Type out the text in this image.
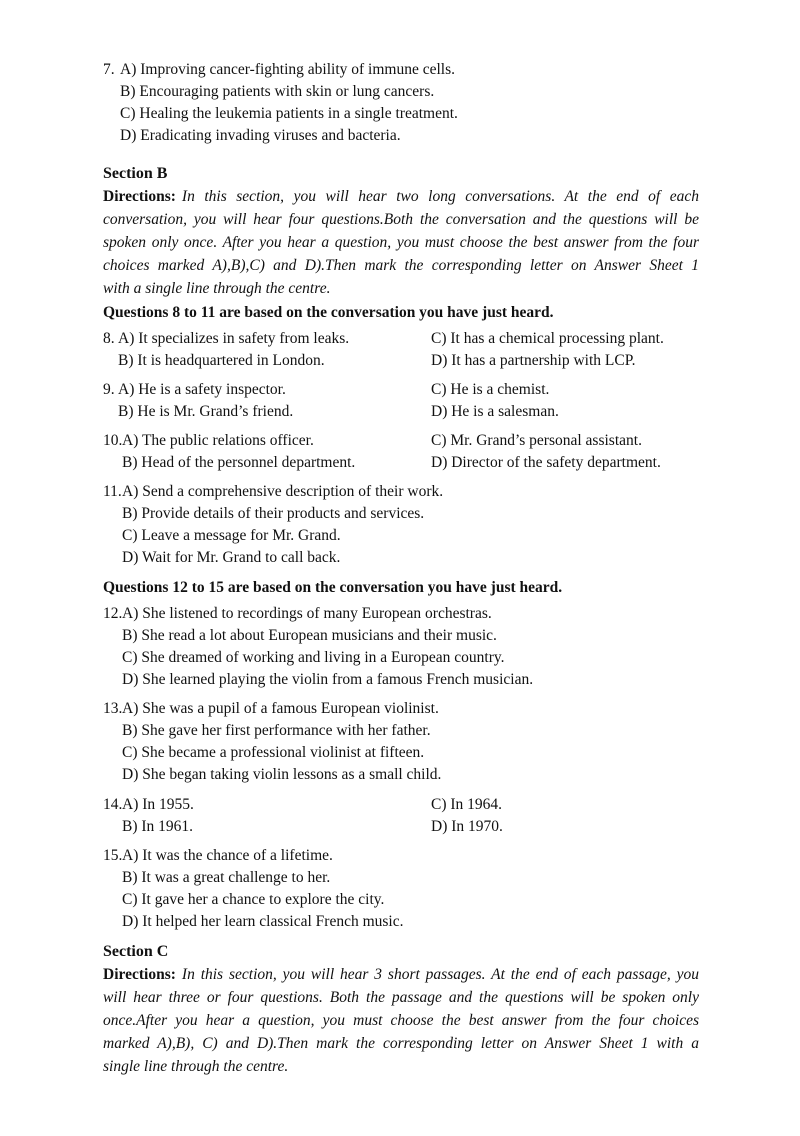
7. A) Improving cancer-fighting ability of immune cells.
B) Encouraging patients with skin or lung cancers.
C) Healing the leukemia patients in a single treatment.
D) Eradicating invading viruses and bacteria.
Section B
Directions: In this section, you will hear two long conversations. At the end of each
conversation, you will hear four questions.Both the conversation and the questions will be
spoken only once. After you hear a question, you must choose the best answer from the four
choices marked A),B),C) and D).Then mark the corresponding letter on Answer Sheet 1
with a single line through the centre.
Questions 8 to 11 are based on the conversation you have just heard.
8. A) It specializes in safety from leaks.
B) It is headquartered in London.
C) It has a chemical processing plant.
D) It has a partnership with LCP.
9. A) He is a safety inspector.
B) He is Mr. Grand’s friend.
C) He is a chemist.
D) He is a salesman.
10. A) The public relations officer.
B) Head of the personnel department.
C) Mr. Grand’s personal assistant.
D) Director of the safety department.
11. A) Send a comprehensive description of their work.
B) Provide details of their products and services.
C) Leave a message for Mr. Grand.
D) Wait for Mr. Grand to call back.
Questions 12 to 15 are based on the conversation you have just heard.
12. A) She listened to recordings of many European orchestras.
B) She read a lot about European musicians and their music.
C) She dreamed of working and living in a European country.
D) She learned playing the violin from a famous French musician.
13. A) She was a pupil of a famous European violinist.
B) She gave her first performance with her father.
C) She became a professional violinist at fifteen.
D) She began taking violin lessons as a small child.
14. A) In 1955.
B) In 1961.
C) In 1964.
D) In 1970.
15. A) It was the chance of a lifetime.
B) It was a great challenge to her.
C) It gave her a chance to explore the city.
D) It helped her learn classical French music.
Section C
Directions: In this section, you will hear 3 short passages. At the end of each passage, you
will hear three or four questions. Both the passage and the questions will be spoken only
once.After you hear a question, you must choose the best answer from the four choices
marked A),B), C) and D).Then mark the corresponding letter on Answer Sheet 1 with a
single line through the centre.
